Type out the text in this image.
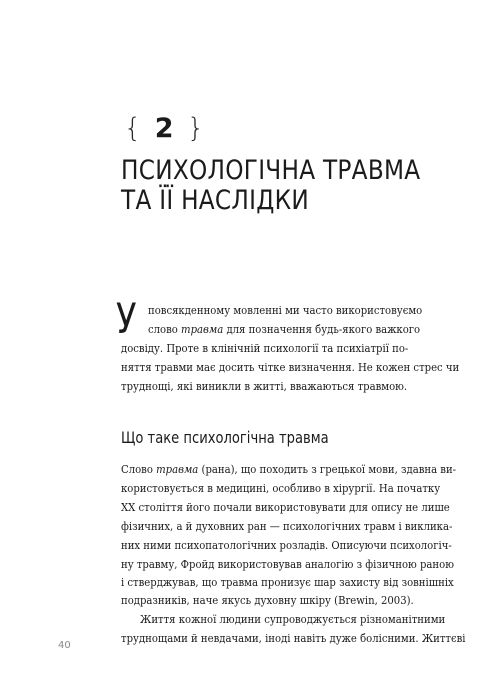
{ 2 }
ПСИХОЛОГІЧНА ТРАВМА
ТА ЇЇ НАСЛІДКИ
У повсякденному мовленні ми часто використовуємо

слово травма для позначення будь-якого важкого

досвіду. Проте в клінічній психології та психіатрії по-

няття травми має досить чітке визначення. Не кожен стрес чи

труднощі, які виникли в житті, вважаються травмою.

Що таке психологічна травма

Слово травма (рана), що походить з грецької мови, здавна ви-

користовується в медицині, особливо в хірургії. На початку

XX століття його почали використовувати для опису не лише

фізичних, а й духовних ран — психологічних травм і виклика-

них ними психопатологічних розладів. Описуючи психологіч-

ну травму, Фройд використовував аналогію з фізичною раною

і стверджував, що травма пронизує шар захисту від зовнішніх

подразників, наче якусь духовну шкіру (Brewin, 2003).

Життя кожної людини супроводжується різноманітними

труднощами й невдачами, іноді навіть дуже болісними. Життєві

40
